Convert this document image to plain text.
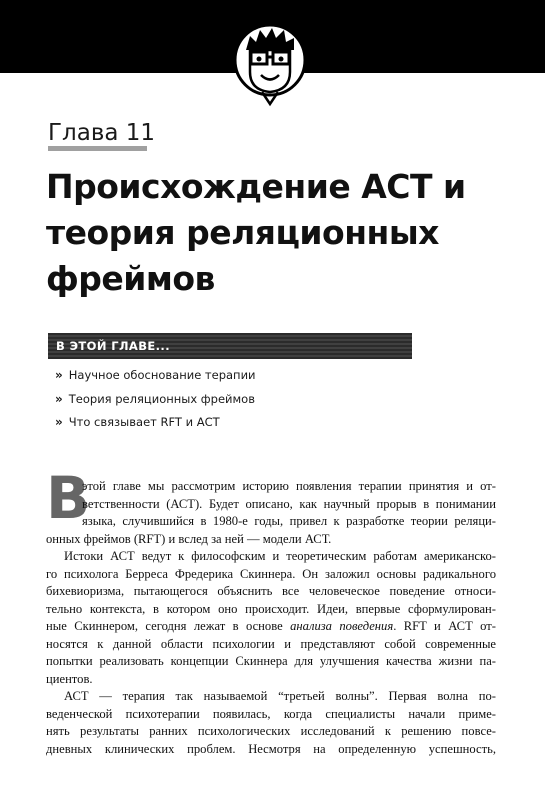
Глава 11
Происхождение АСТ и
теория реляционных
фреймов
В ЭТОЙ ГЛАВЕ...
» Научное обоснование терапии
» Теория реляционных фреймов
» Что связывает RFT и АСТ
В
этой главе мы рассмотрим историю появления терапии принятия и от-
ветственности (АСТ). Будет описано, как научный прорыв в понимании
языка, случившийся в 1980-е годы, привел к разработке теории реляци-
онных фреймов (RFT) и вслед за ней — модели АСТ.
Истоки АСТ ведут к философским и теоретическим работам американско-
го психолога Берреса Фредерика Скиннера. Он заложил основы радикального
бихевиоризма, пытающегося объяснить все человеческое поведение относи-
тельно контекста, в котором оно происходит. Идеи, впервые сформулирован-
ные Скиннером, сегодня лежат в основе анализа поведения. RFT и АСТ от-
носятся к данной области психологии и представляют собой современные
попытки реализовать концепции Скиннера для улучшения качества жизни па-
циентов.
АСТ — терапия так называемой “третьей волны”. Первая волна по-
веденческой психотерапии появилась, когда специалисты начали приме-
нять результаты ранних психологических исследований к решению повсе-
дневных клинических проблем. Несмотря на определенную успешность,
